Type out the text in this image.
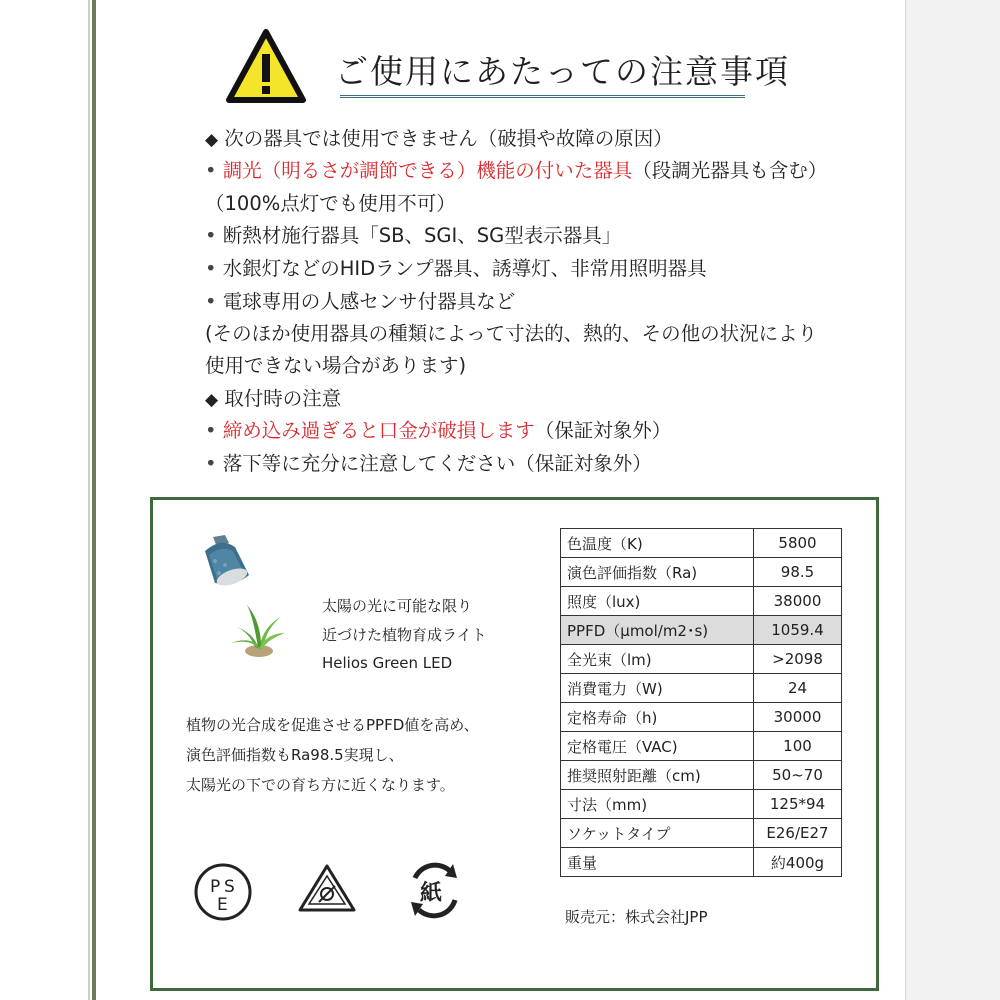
ご使用にあたっての注意事項
◆ 次の器具では使用できません（破損や故障の原因）
• 調光（明るさが調節できる）機能の付いた器具（段調光器具も含む）
（100%点灯でも使用不可）
• 断熱材施行器具「SB、SGI、SG型表示器具」
• 水銀灯などのHIDランプ器具、誘導灯、非常用照明器具
• 電球専用の人感センサ付器具など
(そのほか使用器具の種類によって寸法的、熱的、その他の状況により
使用できない場合があります)
◆ 取付時の注意
• 締め込み過ぎると口金が破損します（保証対象外）
• 落下等に充分に注意してください（保証対象外）
太陽の光に可能な限り
近づけた植物育成ライト
Helios Green LED
植物の光合成を促進させるPPFD値を高め、
演色評価指数もRa98.5実現し、
太陽光の下での育ち方に近くなります。
色温度（K)	5800
演色評価指数（Ra)	98.5
照度（lux)	38000
PPFD（μmol/m2･s)	1059.4
全光束（lm)	>2098
消費電力（W)	24
定格寿命（h)	30000
定格電圧（VAC)	100
推奨照射距離（cm)	50~70
寸法（mm)	125*94
ソケットタイプ	E26/E27
重量	約400g
P S
E	紙
販売元：株式会社JPP
